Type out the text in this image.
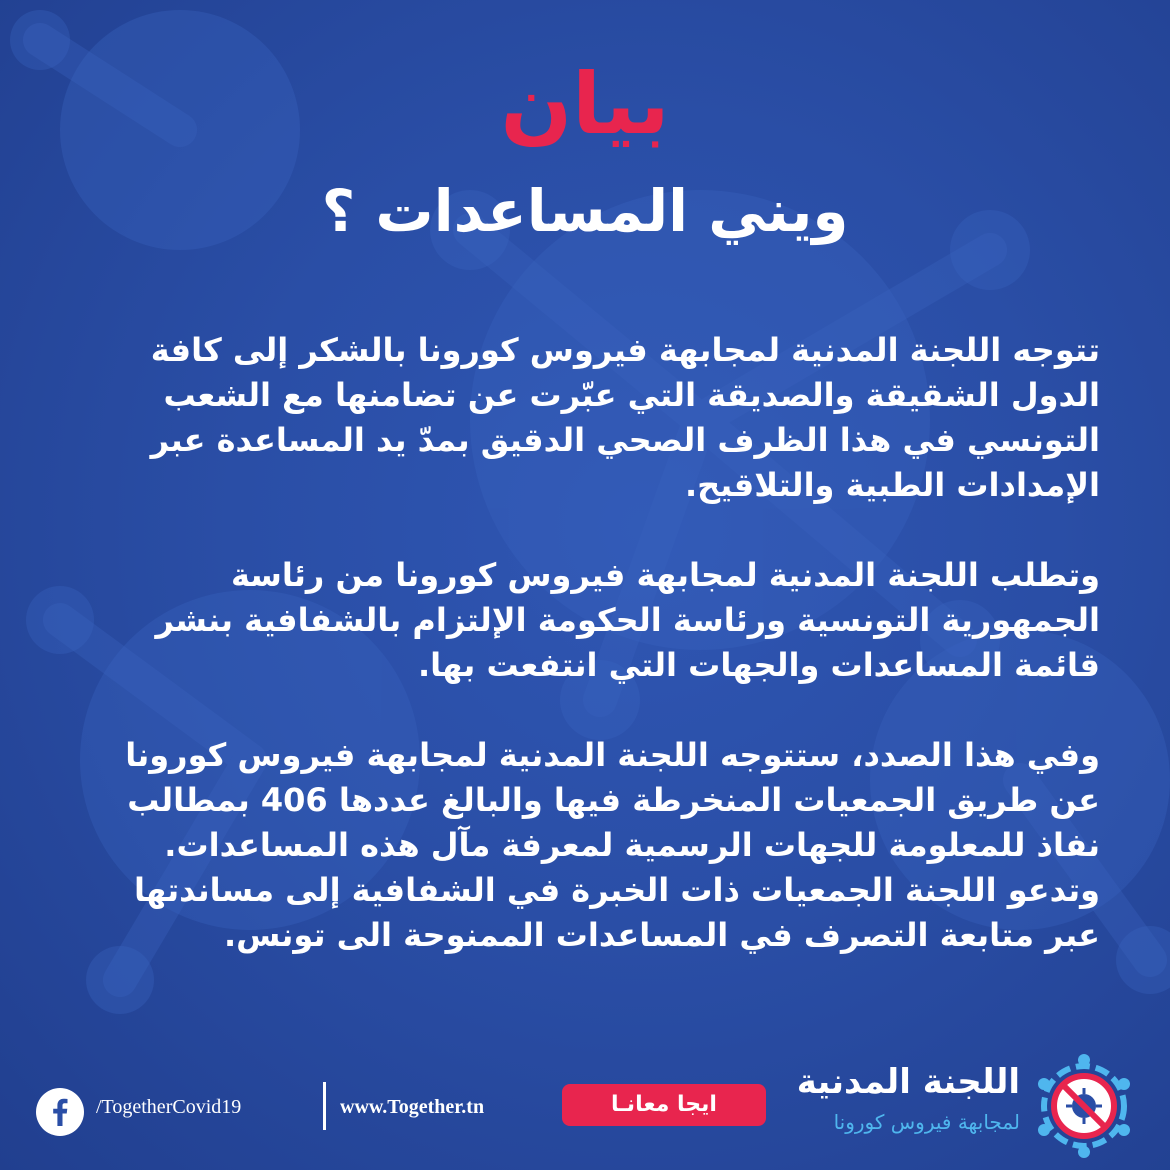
بيان
ويني المساعدات ؟

تتوجه اللجنة المدنية لمجابهة فيروس كورونا بالشكر إلى كافة الدول الشقيقة والصديقة التي عبّرت عن تضامنها مع الشعب التونسي في هذا الظرف الصحي الدقيق بمدّ يد المساعدة عبر الإمدادات الطبية والتلاقيح.

وتطلب اللجنة المدنية لمجابهة فيروس كورونا من رئاسة الجمهورية التونسية ورئاسة الحكومة الإلتزام بالشفافية بنشر قائمة المساعدات والجهات التي انتفعت بها.

وفي هذا الصدد، ستتوجه اللجنة المدنية لمجابهة فيروس كورونا عن طريق الجمعيات المنخرطة فيها والبالغ عددها 406 بمطالب نفاذ للمعلومة للجهات الرسمية لمعرفة مآل هذه المساعدات.

وتدعو اللجنة الجمعيات ذات الخبرة في الشفافية إلى مساندتها عبر متابعة التصرف في المساعدات الممنوحة الى تونس.

/TogetherCovid19	www.Together.tn	ايجا معانـا
اللجنة المدنية
لمجابهة فيروس كورونا
